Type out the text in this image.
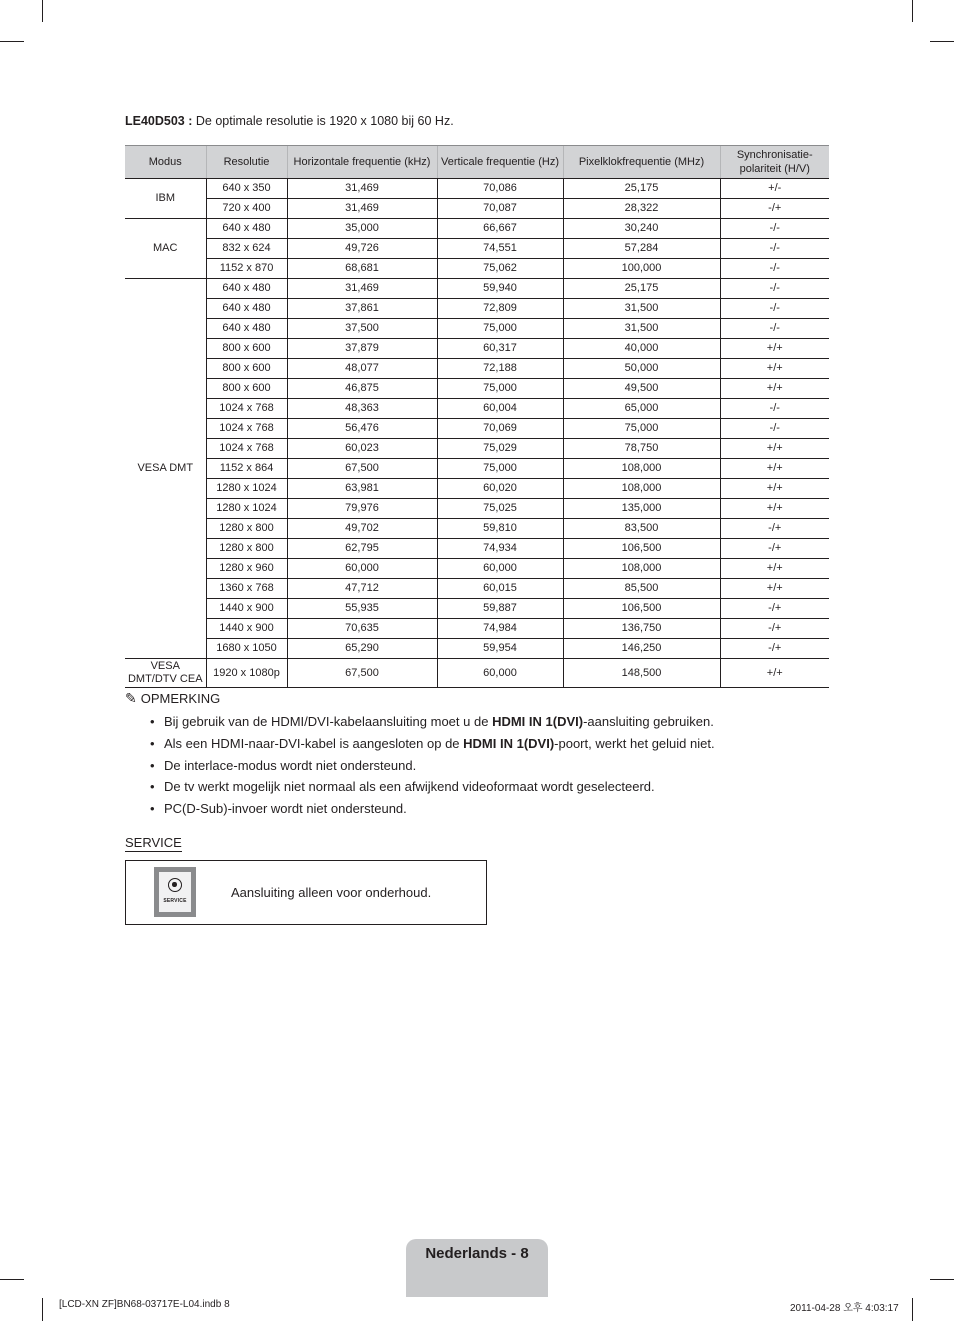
LE40D503 : De optimale resolutie is 1920 x 1080 bij 60 Hz.
Modus	Resolutie	Horizontale frequentie (kHz)	Verticale frequentie (Hz)	Pixelklokfrequentie (MHz)	Synchronisatie-polariteit (H/V)
IBM	640 x 350	31,469	70,086	25,175	+/-
	720 x 400	31,469	70,087	28,322	-/+
MAC	640 x 480	35,000	66,667	30,240	-/-
	832 x 624	49,726	74,551	57,284	-/-
	1152 x 870	68,681	75,062	100,000	-/-
VESA DMT	640 x 480	31,469	59,940	25,175	-/-
	640 x 480	37,861	72,809	31,500	-/-
	640 x 480	37,500	75,000	31,500	-/-
	800 x 600	37,879	60,317	40,000	+/+
	800 x 600	48,077	72,188	50,000	+/+
	800 x 600	46,875	75,000	49,500	+/+
	1024 x 768	48,363	60,004	65,000	-/-
	1024 x 768	56,476	70,069	75,000	-/-
	1024 x 768	60,023	75,029	78,750	+/+
	1152 x 864	67,500	75,000	108,000	+/+
	1280 x 1024	63,981	60,020	108,000	+/+
	1280 x 1024	79,976	75,025	135,000	+/+
	1280 x 800	49,702	59,810	83,500	-/+
	1280 x 800	62,795	74,934	106,500	-/+
	1280 x 960	60,000	60,000	108,000	+/+
	1360 x 768	47,712	60,015	85,500	+/+
	1440 x 900	55,935	59,887	106,500	-/+
	1440 x 900	70,635	74,984	136,750	-/+
	1680 x 1050	65,290	59,954	146,250	-/+
VESA DMT/DTV CEA	1920 x 1080p	67,500	60,000	148,500	+/+
✎ OPMERKING
• Bij gebruik van de HDMI/DVI-kabelaansluiting moet u de HDMI IN 1(DVI)-aansluiting gebruiken.
• Als een HDMI-naar-DVI-kabel is aangesloten op de HDMI IN 1(DVI)-poort, werkt het geluid niet.
• De interlace-modus wordt niet ondersteund.
• De tv werkt mogelijk niet normaal als een afwijkend videoformaat wordt geselecteerd.
• PC(D-Sub)-invoer wordt niet ondersteund.
SERVICE
SERVICE
Aansluiting alleen voor onderhoud.
Nederlands - 8
[LCD-XN ZF]BN68-03717E-L04.indb 8	2011-04-28 오후 4:03:17
